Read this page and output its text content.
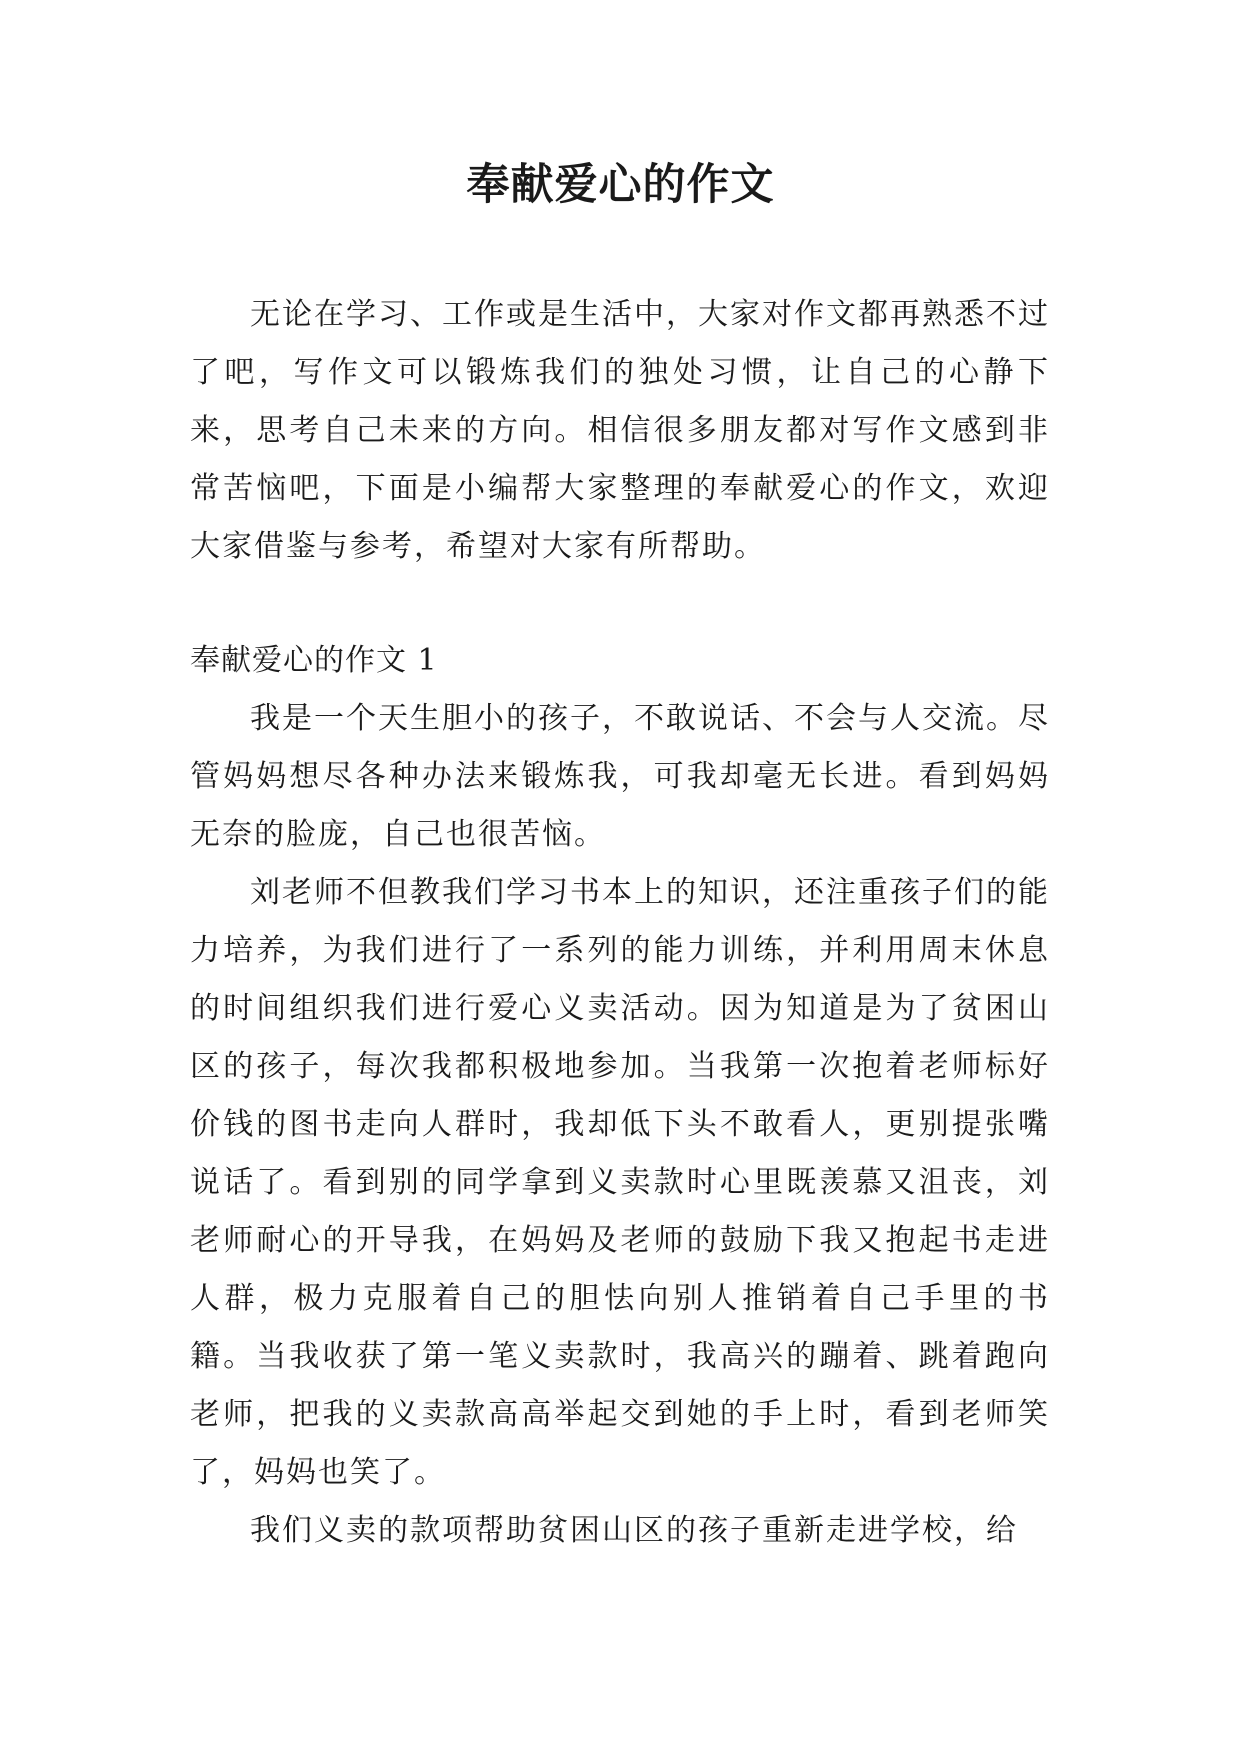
奉献爱心的作文

无论在学习、工作或是生活中，大家对作文都再熟悉不过了吧，写作文可以锻炼我们的独处习惯，让自己的心静下来，思考自己未来的方向。相信很多朋友都对写作文感到非常苦恼吧，下面是小编帮大家整理的奉献爱心的作文，欢迎大家借鉴与参考，希望对大家有所帮助。

奉献爱心的作文 1

我是一个天生胆小的孩子，不敢说话、不会与人交流。尽管妈妈想尽各种办法来锻炼我，可我却毫无长进。看到妈妈无奈的脸庞，自己也很苦恼。

刘老师不但教我们学习书本上的知识，还注重孩子们的能力培养，为我们进行了一系列的能力训练，并利用周末休息的时间组织我们进行爱心义卖活动。因为知道是为了贫困山区的孩子，每次我都积极地参加。当我第一次抱着老师标好价钱的图书走向人群时，我却低下头不敢看人，更别提张嘴说话了。看到别的同学拿到义卖款时心里既羡慕又沮丧，刘老师耐心的开导我，在妈妈及老师的鼓励下我又抱起书走进人群，极力克服着自己的胆怯向别人推销着自己手里的书籍。当我收获了第一笔义卖款时，我高兴的蹦着、跳着跑向老师，把我的义卖款高高举起交到她的手上时，看到老师笑了，妈妈也笑了。

我们义卖的款项帮助贫困山区的孩子重新走进学校，给
